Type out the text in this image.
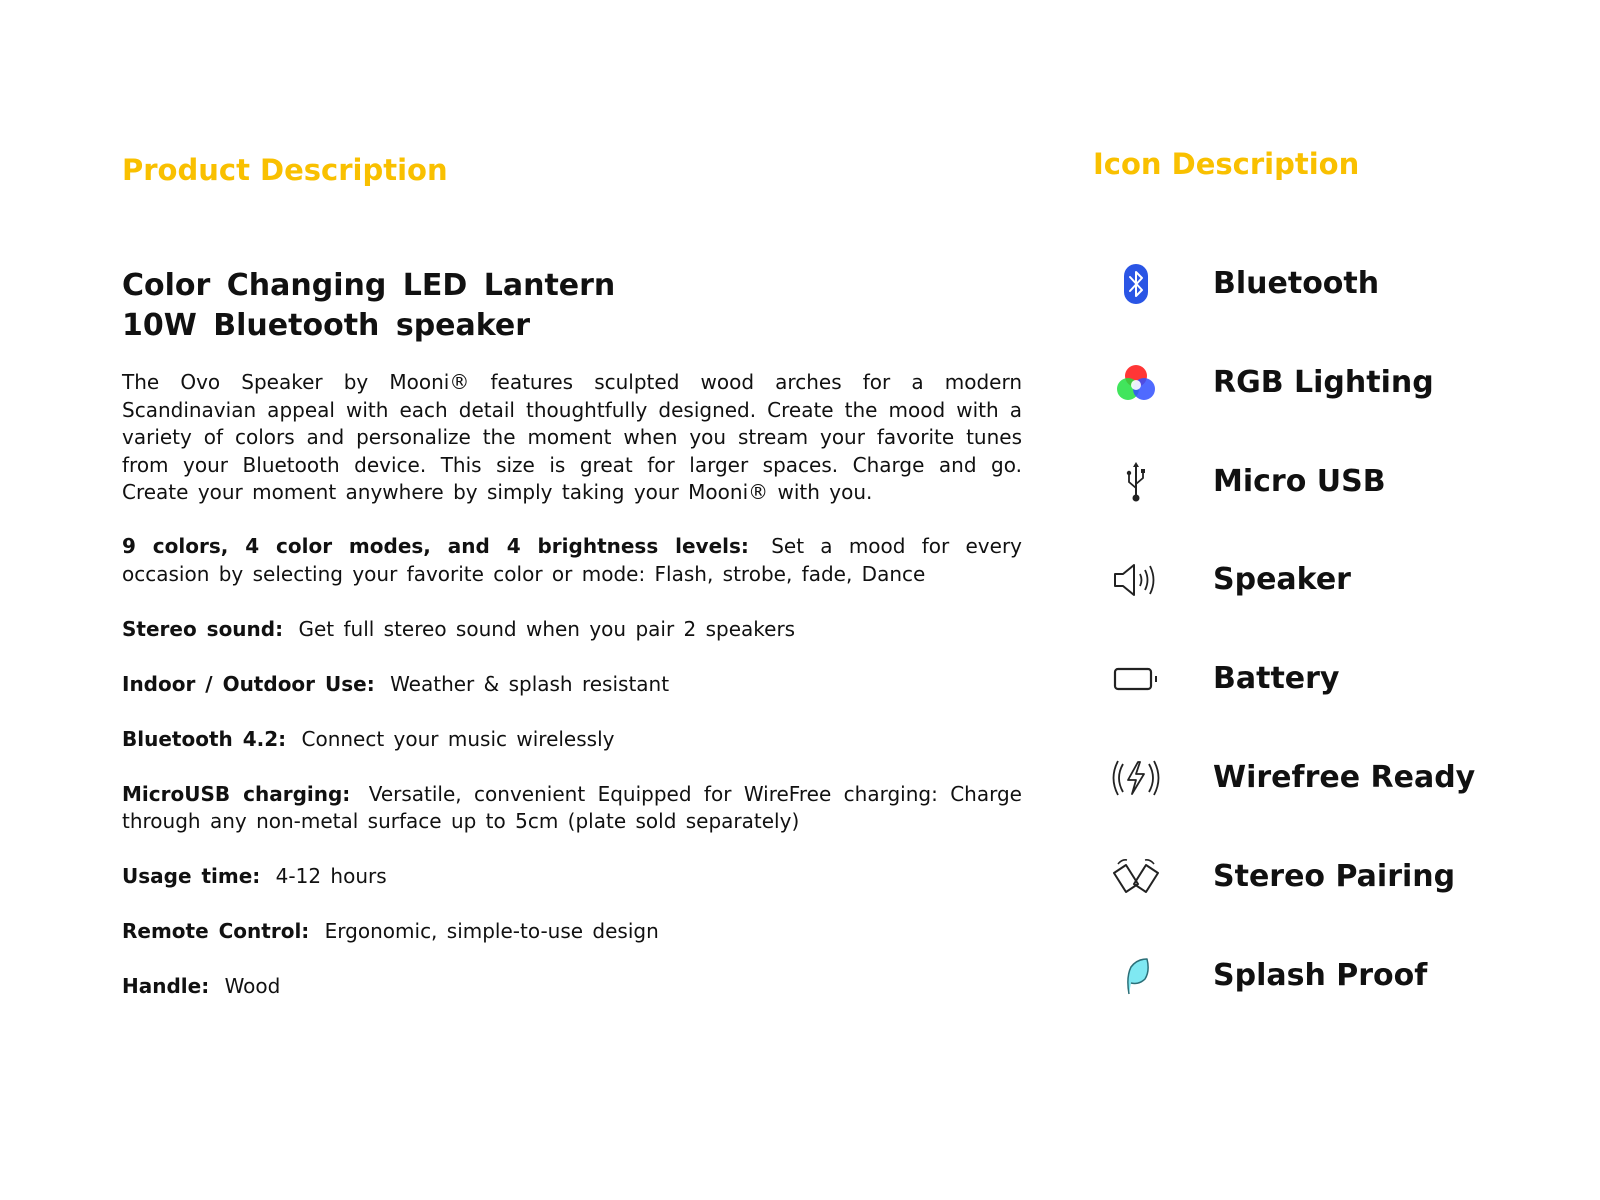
Product Description
Color Changing LED Lantern
10W Bluetooth speaker

The Ovo Speaker by Mooni® features sculpted wood arches for a modern Scandinavian appeal with each detail thoughtfully designed. Create the mood with a variety of colors and personalize the moment when you stream your favorite tunes from your Bluetooth device. This size is great for larger spaces. Charge and go. Create your moment anywhere by simply taking your Mooni® with you.

9 colors, 4 color modes, and 4 brightness levels: Set a mood for every occasion by selecting your favorite color or mode: Flash, strobe, fade, Dance
Stereo sound: Get full stereo sound when you pair 2 speakers
Indoor / Outdoor Use: Weather & splash resistant
Bluetooth 4.2: Connect your music wirelessly
MicroUSB charging: Versatile, convenient Equipped for WireFree charging: Charge through any non-metal surface up to 5cm (plate sold separately)
Usage time: 4-12 hours
Remote Control: Ergonomic, simple-to-use design
Handle: Wood
Icon Description
Bluetooth
RGB Lighting
Micro USB
Speaker
Battery
Wirefree Ready
Stereo Pairing
Splash Proof
